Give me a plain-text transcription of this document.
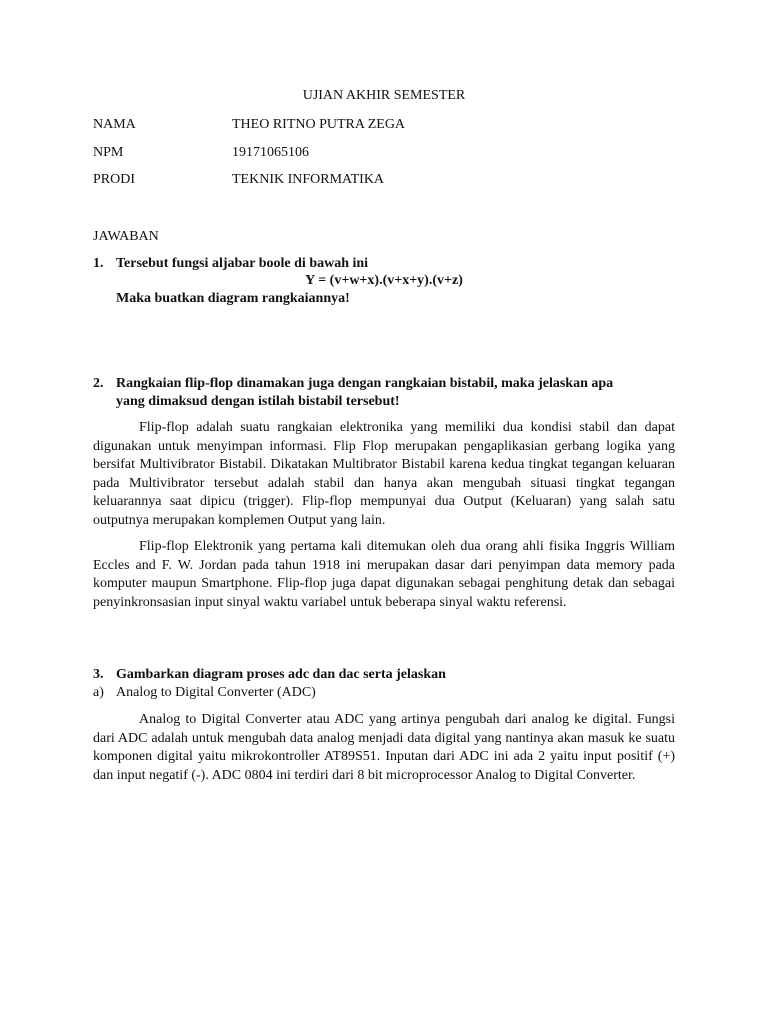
UJIAN AKHIR SEMESTER
NAMA	THEO RITNO PUTRA ZEGA
NPM	19171065106
PRODI	TEKNIK INFORMATIKA
JAWABAN
1. Tersebut fungsi aljabar boole di bawah ini
Y = (v+w+x).(v+x+y).(v+z)
Maka buatkan diagram rangkaiannya!
2. Rangkaian flip-flop dinamakan juga dengan rangkaian bistabil, maka jelaskan apa
yang dimaksud dengan istilah bistabil tersebut!
Flip-flop adalah suatu rangkaian elektronika yang memiliki dua kondisi stabil dan dapat digunakan untuk menyimpan informasi. Flip Flop merupakan pengaplikasian gerbang logika yang bersifat Multivibrator Bistabil. Dikatakan Multibrator Bistabil karena kedua tingkat tegangan keluaran pada Multivibrator tersebut adalah stabil dan hanya akan mengubah situasi tingkat tegangan keluarannya saat dipicu (trigger). Flip-flop mempunyai dua Output (Keluaran) yang salah satu outputnya merupakan komplemen Output yang lain.
Flip-flop Elektronik yang pertama kali ditemukan oleh dua orang ahli fisika Inggris William Eccles and F. W. Jordan pada tahun 1918 ini merupakan dasar dari penyimpan data memory pada komputer maupun Smartphone. Flip-flop juga dapat digunakan sebagai penghitung detak dan sebagai penyinkronsasian input sinyal waktu variabel untuk beberapa sinyal waktu referensi.
3. Gambarkan diagram proses adc dan dac serta jelaskan
a) Analog to Digital Converter (ADC)
Analog to Digital Converter atau ADC yang artinya pengubah dari analog ke digital. Fungsi dari ADC adalah untuk mengubah data analog menjadi data digital yang nantinya akan masuk ke suatu komponen digital yaitu mikrokontroller AT89S51. Inputan dari ADC ini ada 2 yaitu input positif (+) dan input negatif (-). ADC 0804 ini terdiri dari 8 bit microprocessor Analog to Digital Converter.
